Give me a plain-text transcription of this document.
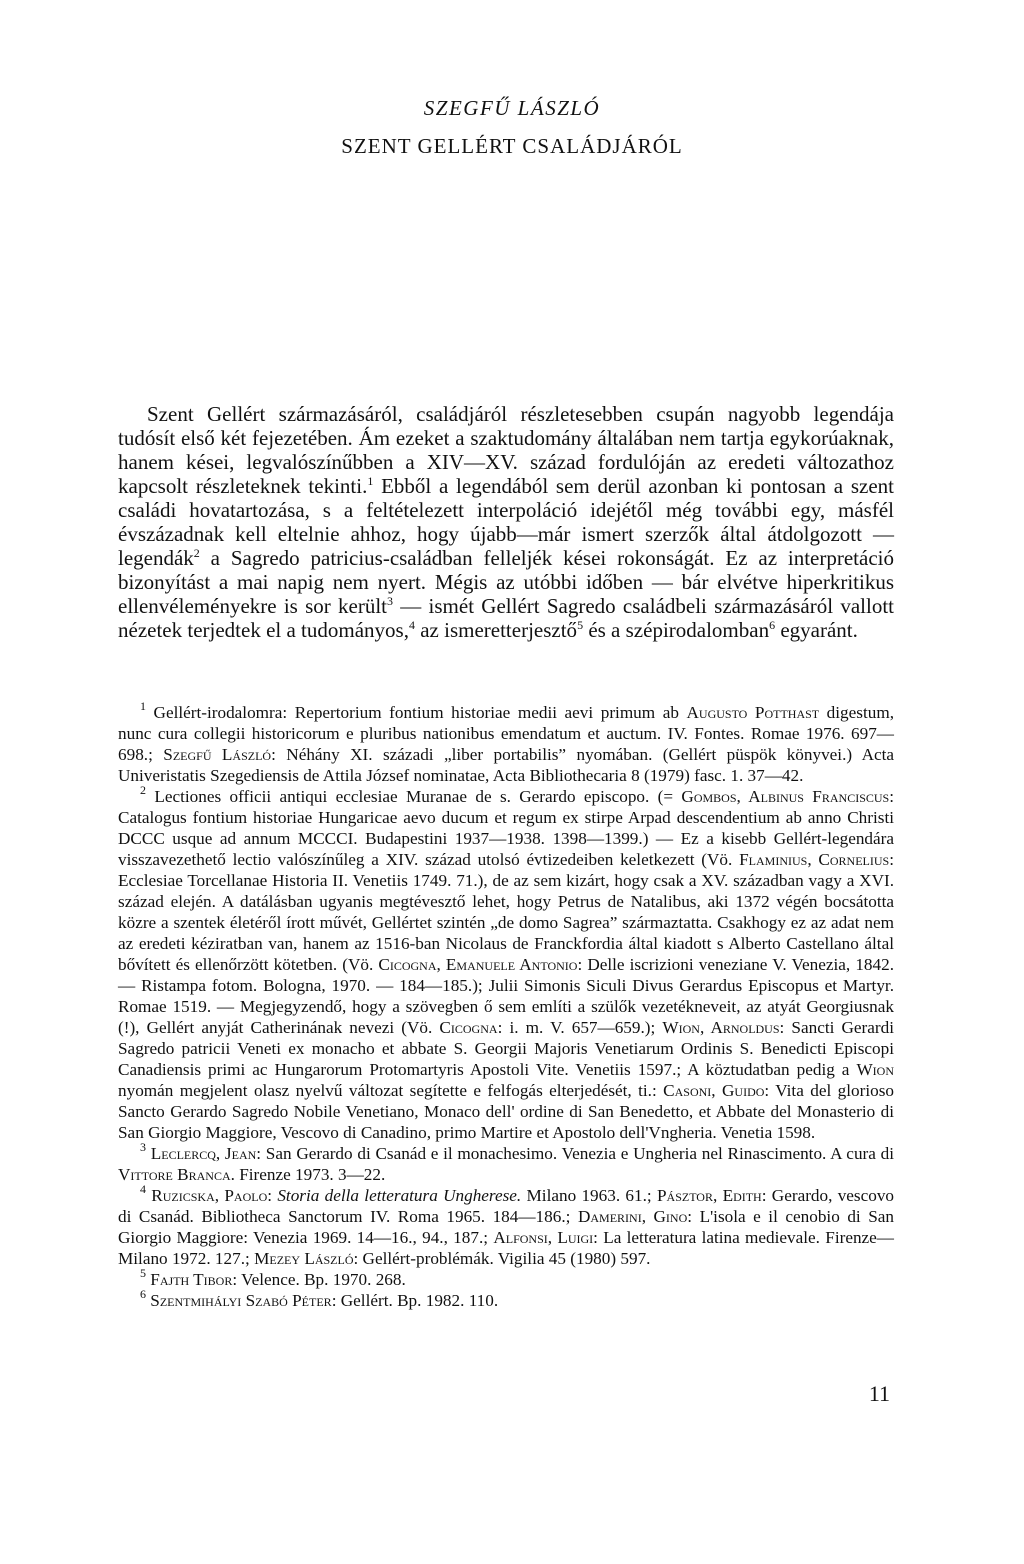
SZEGFŰ LÁSZLÓ
SZENT GELLÉRT CSALÁDJÁRÓL

Szent Gellért származásáról, családjáról részletesebben csupán nagyobb legendája tudósít első két fejezetében. Ám ezeket a szaktudomány általában nem tartja egykorúaknak, hanem kései, legvalószínűbben a XIV—XV. század fordulóján az eredeti változathoz kapcsolt részleteknek tekinti.$^1$ Ebből a legendából sem derül azonban ki pontosan a szent családi hovatartozása, s a feltételezett interpoláció idejétől még további egy, másfél évszázadnak kell eltelnie ahhoz, hogy újabb—már ismert szerzők által átdolgozott —legendák$^2$ a Sagredo patricius-családban felleljék kései rokonságát. Ez az interpretáció bizonyítást a mai napig nem nyert. Mégis az utóbbi időben — bár elvétve hiperkritikus ellenvéleményekre is sor került$^3$ — ismét Gellért Sagredo családbeli származásáról vallott nézetek terjedtek el a tudományos,$^4$ az ismeretterjesztő$^5$ és a szépirodalomban$^6$ egyaránt.

$^1$ Gellért-irodalomra: Repertorium fontium historiae medii aevi primum ab Augusto Potthast digestum, nunc cura collegii historicorum e pluribus nationibus emendatum et auctum. IV. Fontes. Romae 1976. 697—698.; Szegfű László: Néhány XI. századi „liber portabilis” nyomában. (Gellért püspök könyvei.) Acta Univeristatis Szegediensis de Attila József nominatae, Acta Bibliothecaria 8 (1979) fasc. 1. 37—42.

$^2$ Lectiones officii antiqui ecclesiae Muranae de s. Gerardo episcopo. (= Gombos, Albinus Franciscus: Catalogus fontium historiae Hungaricae aevo ducum et regum ex stirpe Arpad descendentium ab anno Christi DCCC usque ad annum MCCCI. Budapestini 1937—1938. 1398—1399.) — Ez a kisebb Gellért-legendára visszavezethető lectio valószínűleg a XIV. század utolsó évtizedeiben keletkezett (Vö. Flaminius, Cornelius: Ecclesiae Torcellanae Historia II. Venetiis 1749. 71.), de az sem kizárt, hogy csak a XV. században vagy a XVI. század elején. A datálásban ugyanis megtévesztő lehet, hogy Petrus de Natalibus, aki 1372 végén bocsátotta közre a szentek életéről írott művét, Gellértet szintén „de domo Sagrea” származtatta. Csakhogy ez az adat nem az eredeti kéziratban van, hanem az 1516-ban Nicolaus de Franckfordia által kiadott s Alberto Castellano által bővített és ellenőrzött kötetben. (Vö. Cicogna, Emanuele Antonio: Delle iscrizioni veneziane V. Venezia, 1842. — Ristampa fotom. Bologna, 1970. — 184—185.); Julii Simonis Siculi Divus Gerardus Episcopus et Martyr. Romae 1519. — Megjegyzendő, hogy a szövegben ő sem említi a szülők vezetékneveit, az atyát Georgiusnak (!), Gellért anyját Catherinának nevezi (Vö. Cicogna: i. m. V. 657—659.); Wion, Arnoldus: Sancti Gerardi Sagredo patricii Veneti ex monacho et abbate S. Georgii Majoris Venetiarum Ordinis S. Benedicti Episcopi Canadiensis primi ac Hungarorum Protomartyris Apostoli Vite. Venetiis 1597.; A köztudatban pedig a Wion nyomán megjelent olasz nyelvű változat segítette e felfogás elterjedését, ti.: Casoni, Guido: Vita del glorioso Sancto Gerardo Sagredo Nobile Venetiano, Monaco dell' ordine di San Benedetto, et Abbate del Monasterio di San Giorgio Maggiore, Vescovo di Canadino, primo Martire et Apostolo dell'Vngheria. Venetia 1598.

$^3$ Leclercq, Jean: San Gerardo di Csanád e il monachesimo. Venezia e Ungheria nel Rinascimento. A cura di Vittore Branca. Firenze 1973. 3—22.

$^4$ Ruzicska, Paolo: Storia della letteratura Ungherese. Milano 1963. 61.; Pásztor, Edith: Gerardo, vescovo di Csanád. Bibliotheca Sanctorum IV. Roma 1965. 184—186.; Damerini, Gino: L'isola e il cenobio di San Giorgio Maggiore: Venezia 1969. 14—16., 94., 187.; Alfonsi, Luigi: La letteratura latina medievale. Firenze—Milano 1972. 127.; Mezey László: Gellért-problémák. Vigilia 45 (1980) 597.

$^5$ Fajth Tibor: Velence. Bp. 1970. 268.

$^6$ Szentmihályi Szabó Péter: Gellért. Bp. 1982. 110.

11
